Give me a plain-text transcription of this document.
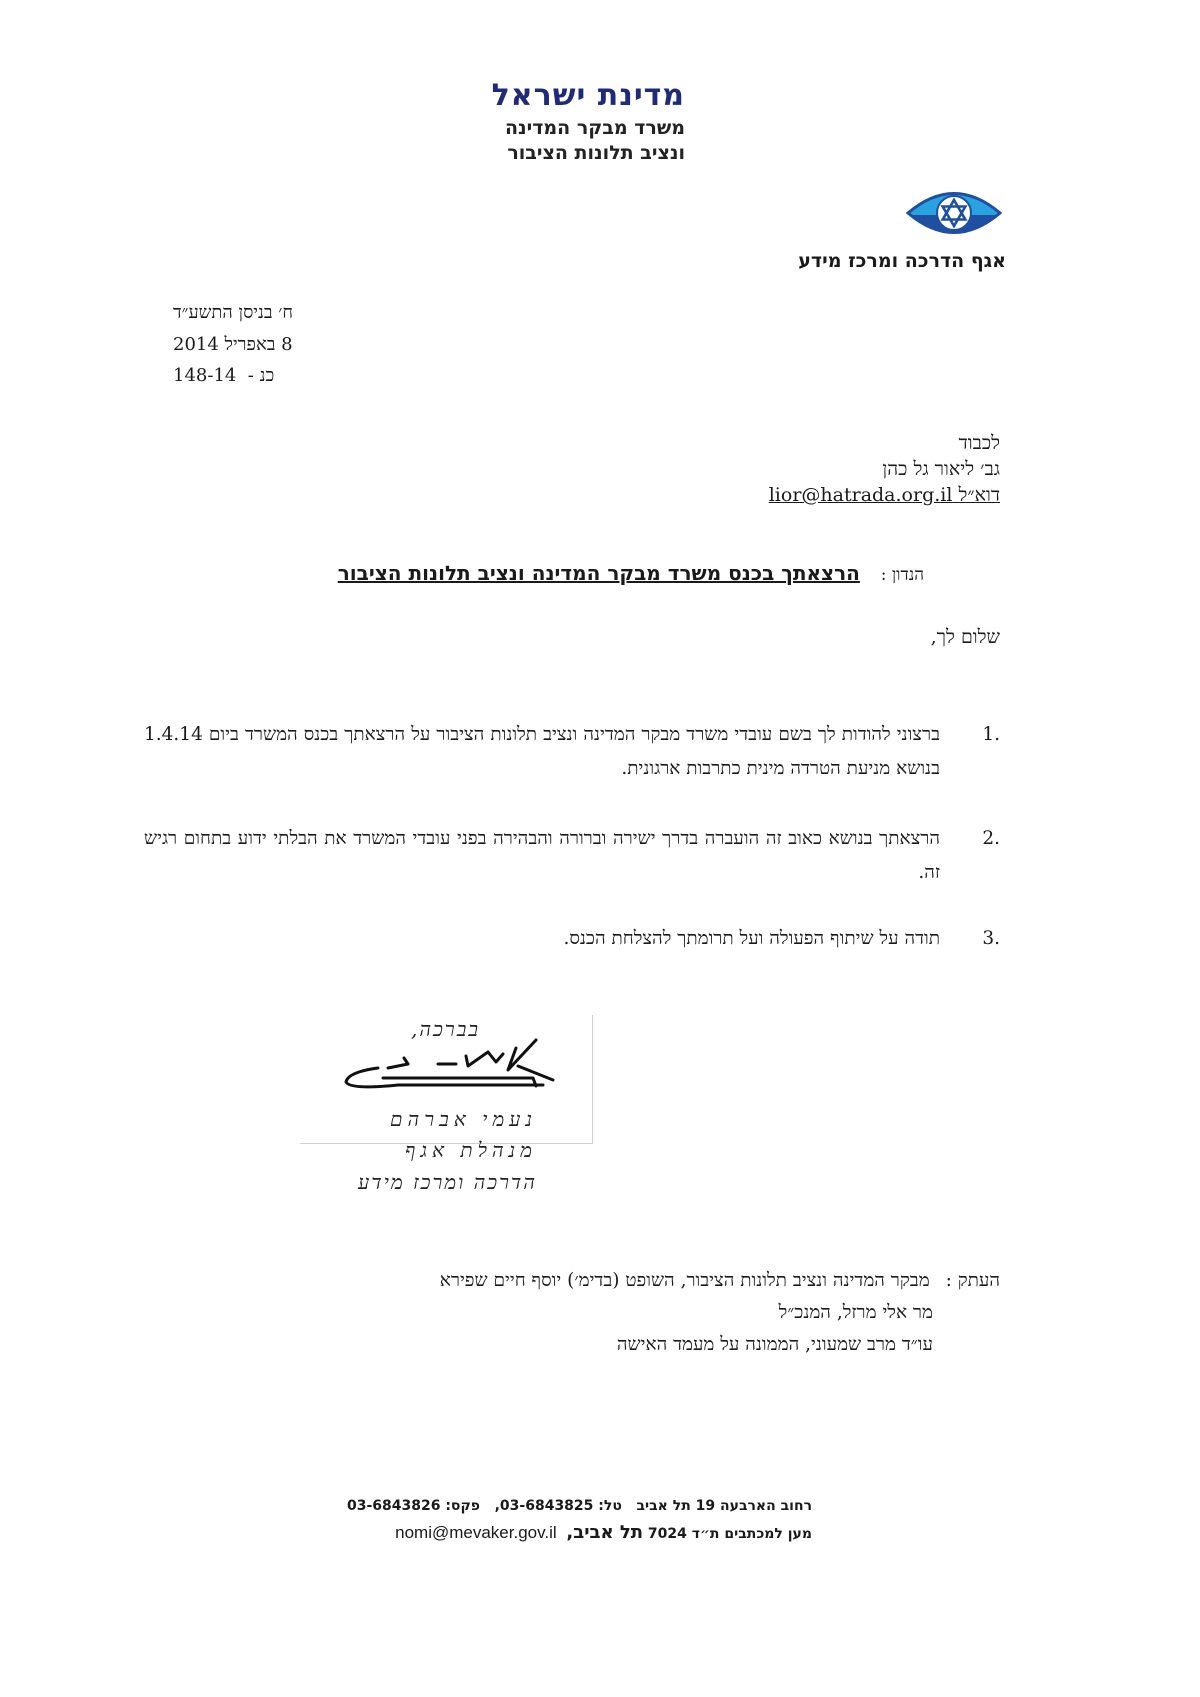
מדינת ישראל
משרד מבקר המדינה
ונציב תלונות הציבור
אגף הדרכה ומרכז מידע
ח׳ בניסן התשע״ד
8 באפריל 2014
כנ -  148-14
לכבוד
גב׳ ליאור גל כהן
דוא״ל lior@hatrada.org.il
הנדון :  הרצאתך בכנס משרד מבקר המדינה ונציב תלונות הציבור
שלום לך,
.1
ברצוני להודות לך בשם עובדי משרד מבקר המדינה ונציב תלונות הציבור על הרצאתך בכנס המשרד ביום 1.4.14 בנושא מניעת הטרדה מינית כתרבות ארגונית.
.2
הרצאתך בנושא כאוב זה הועברה בדרך ישירה וברורה והבהירה בפני עובדי המשרד את הבלתי ידוע בתחום רגיש זה.
.3
תודה על שיתוף הפעולה ועל תרומתך להצלחת הכנס.
בברכה,
נעמי אברהם
מנהלת אגף
הדרכה ומרכז מידע
העתק : מבקר המדינה ונציב תלונות הציבור, השופט (בדימ׳) יוסף חיים שפירא
מר אלי מרזל, המנכ״ל
עו״ד מרב שמעוני, הממונה על מעמד האישה
רחוב הארבעה 19 תל אביב   טל: 03-6843825,   פקס: 03-6843826
מען למכתבים ת״ד 7024 תל אביב,  nomi@mevaker.gov.il
